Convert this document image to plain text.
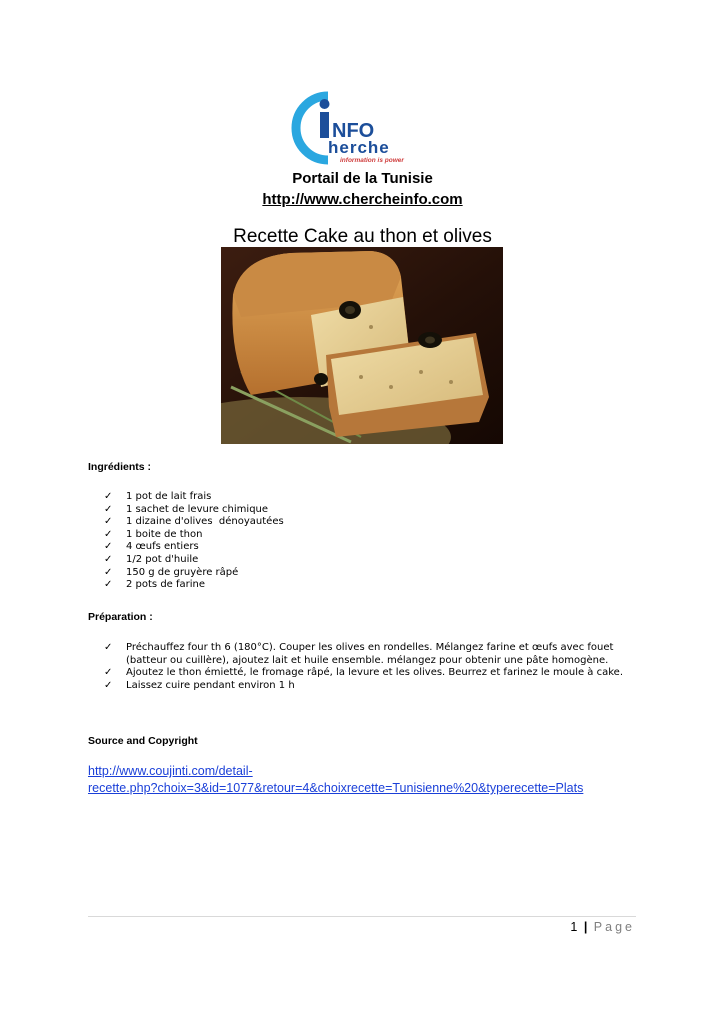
NFO
herche
information is power
Portail de la Tunisie
http://www.chercheinfo.com
Recette Cake au thon et olives
Ingrédients :
✓ 1 pot de lait frais
✓ 1 sachet de levure chimique
✓ 1 dizaine d'olives  dénoyautées
✓ 1 boite de thon
✓ 4 œufs entiers
✓ 1/2 pot d'huile
✓ 150 g de gruyère râpé
✓ 2 pots de farine
Préparation :
✓ Préchauffez four th 6 (180°C). Couper les olives en rondelles. Mélangez farine et œufs avec fouet (batteur ou cuillère), ajoutez lait et huile ensemble. mélangez pour obtenir une pâte homogène.
✓ Ajoutez le thon émietté, le fromage râpé, la levure et les olives. Beurrez et farinez le moule à cake.
✓ Laissez cuire pendant environ 1 h
Source and Copyright
http://www.coujinti.com/detail-
recette.php?choix=3&id=1077&retour=4&choixrecette=Tunisienne%20&typerecette=Plats
1 | Page
